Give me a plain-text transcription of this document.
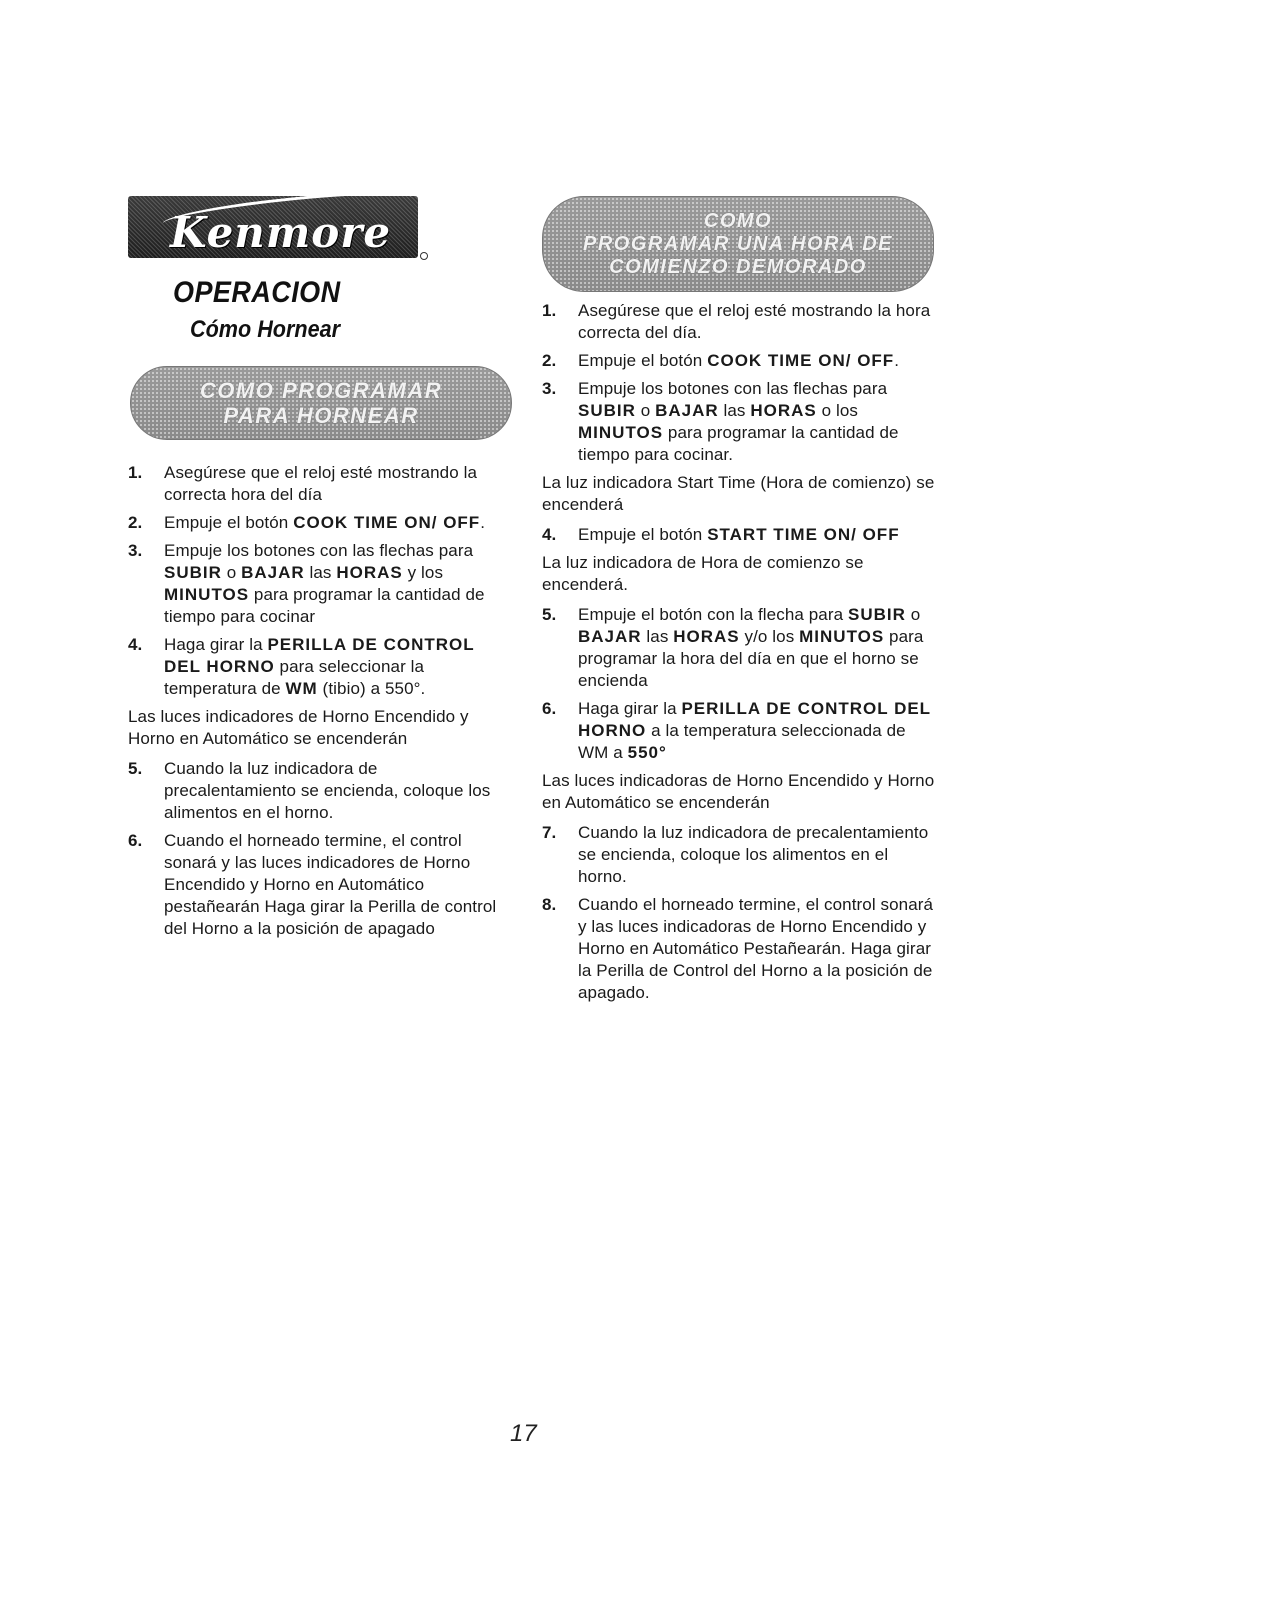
Kenmore
OPERACION
Cómo Hornear
COMO PROGRAMAR
PARA HORNEAR
1.	Asegúrese que el reloj esté mostrando la correcta hora del día
2.	Empuje el botón COOK TIME ON/ OFF.
3.	Empuje los botones con las flechas para SUBIR o BAJAR las HORAS y los MINUTOS para programar la cantidad de tiempo para cocinar
4.	Haga girar la PERILLA DE CONTROL DEL HORNO para seleccionar la temperatura de WM (tibio) a 550°.
Las luces indicadores de Horno Encendido y Horno en Automático se encenderán
5.	Cuando la luz indicadora de precalentamiento se encienda, coloque los alimentos en el horno.
6.	Cuando el horneado termine, el control sonará y las luces indicadores de Horno Encendido y Horno en Automático pestañearán Haga girar la Perilla de control del Horno a la posición de apagado
COMO
PROGRAMAR UNA HORA DE
COMIENZO DEMORADO
1.	Asegúrese que el reloj esté mostrando la hora correcta del día.
2.	Empuje el botón COOK TIME ON/ OFF.
3.	Empuje los botones con las flechas para SUBIR o BAJAR las HORAS o los MINUTOS para programar la cantidad de tiempo para cocinar.
La luz indicadora Start Time (Hora de comienzo) se encenderá
4.	Empuje el botón START TIME ON/ OFF
La luz indicadora de Hora de comienzo se encenderá.
5.	Empuje el botón con la flecha para SUBIR o BAJAR las HORAS y/o los MINUTOS para programar la hora del día en que el horno se encienda
6.	Haga girar la PERILLA DE CONTROL DEL HORNO a la temperatura seleccionada de WM a 550°
Las luces indicadoras de Horno Encendido y Horno en Automático se encenderán
7.	Cuando la luz indicadora de precalentamiento se encienda, coloque los alimentos en el horno.
8.	Cuando el horneado termine, el control sonará y las luces indicadoras de Horno Encendido y Horno en Automático Pestañearán. Haga girar la Perilla de Control del Horno a la posición de apagado.
17
